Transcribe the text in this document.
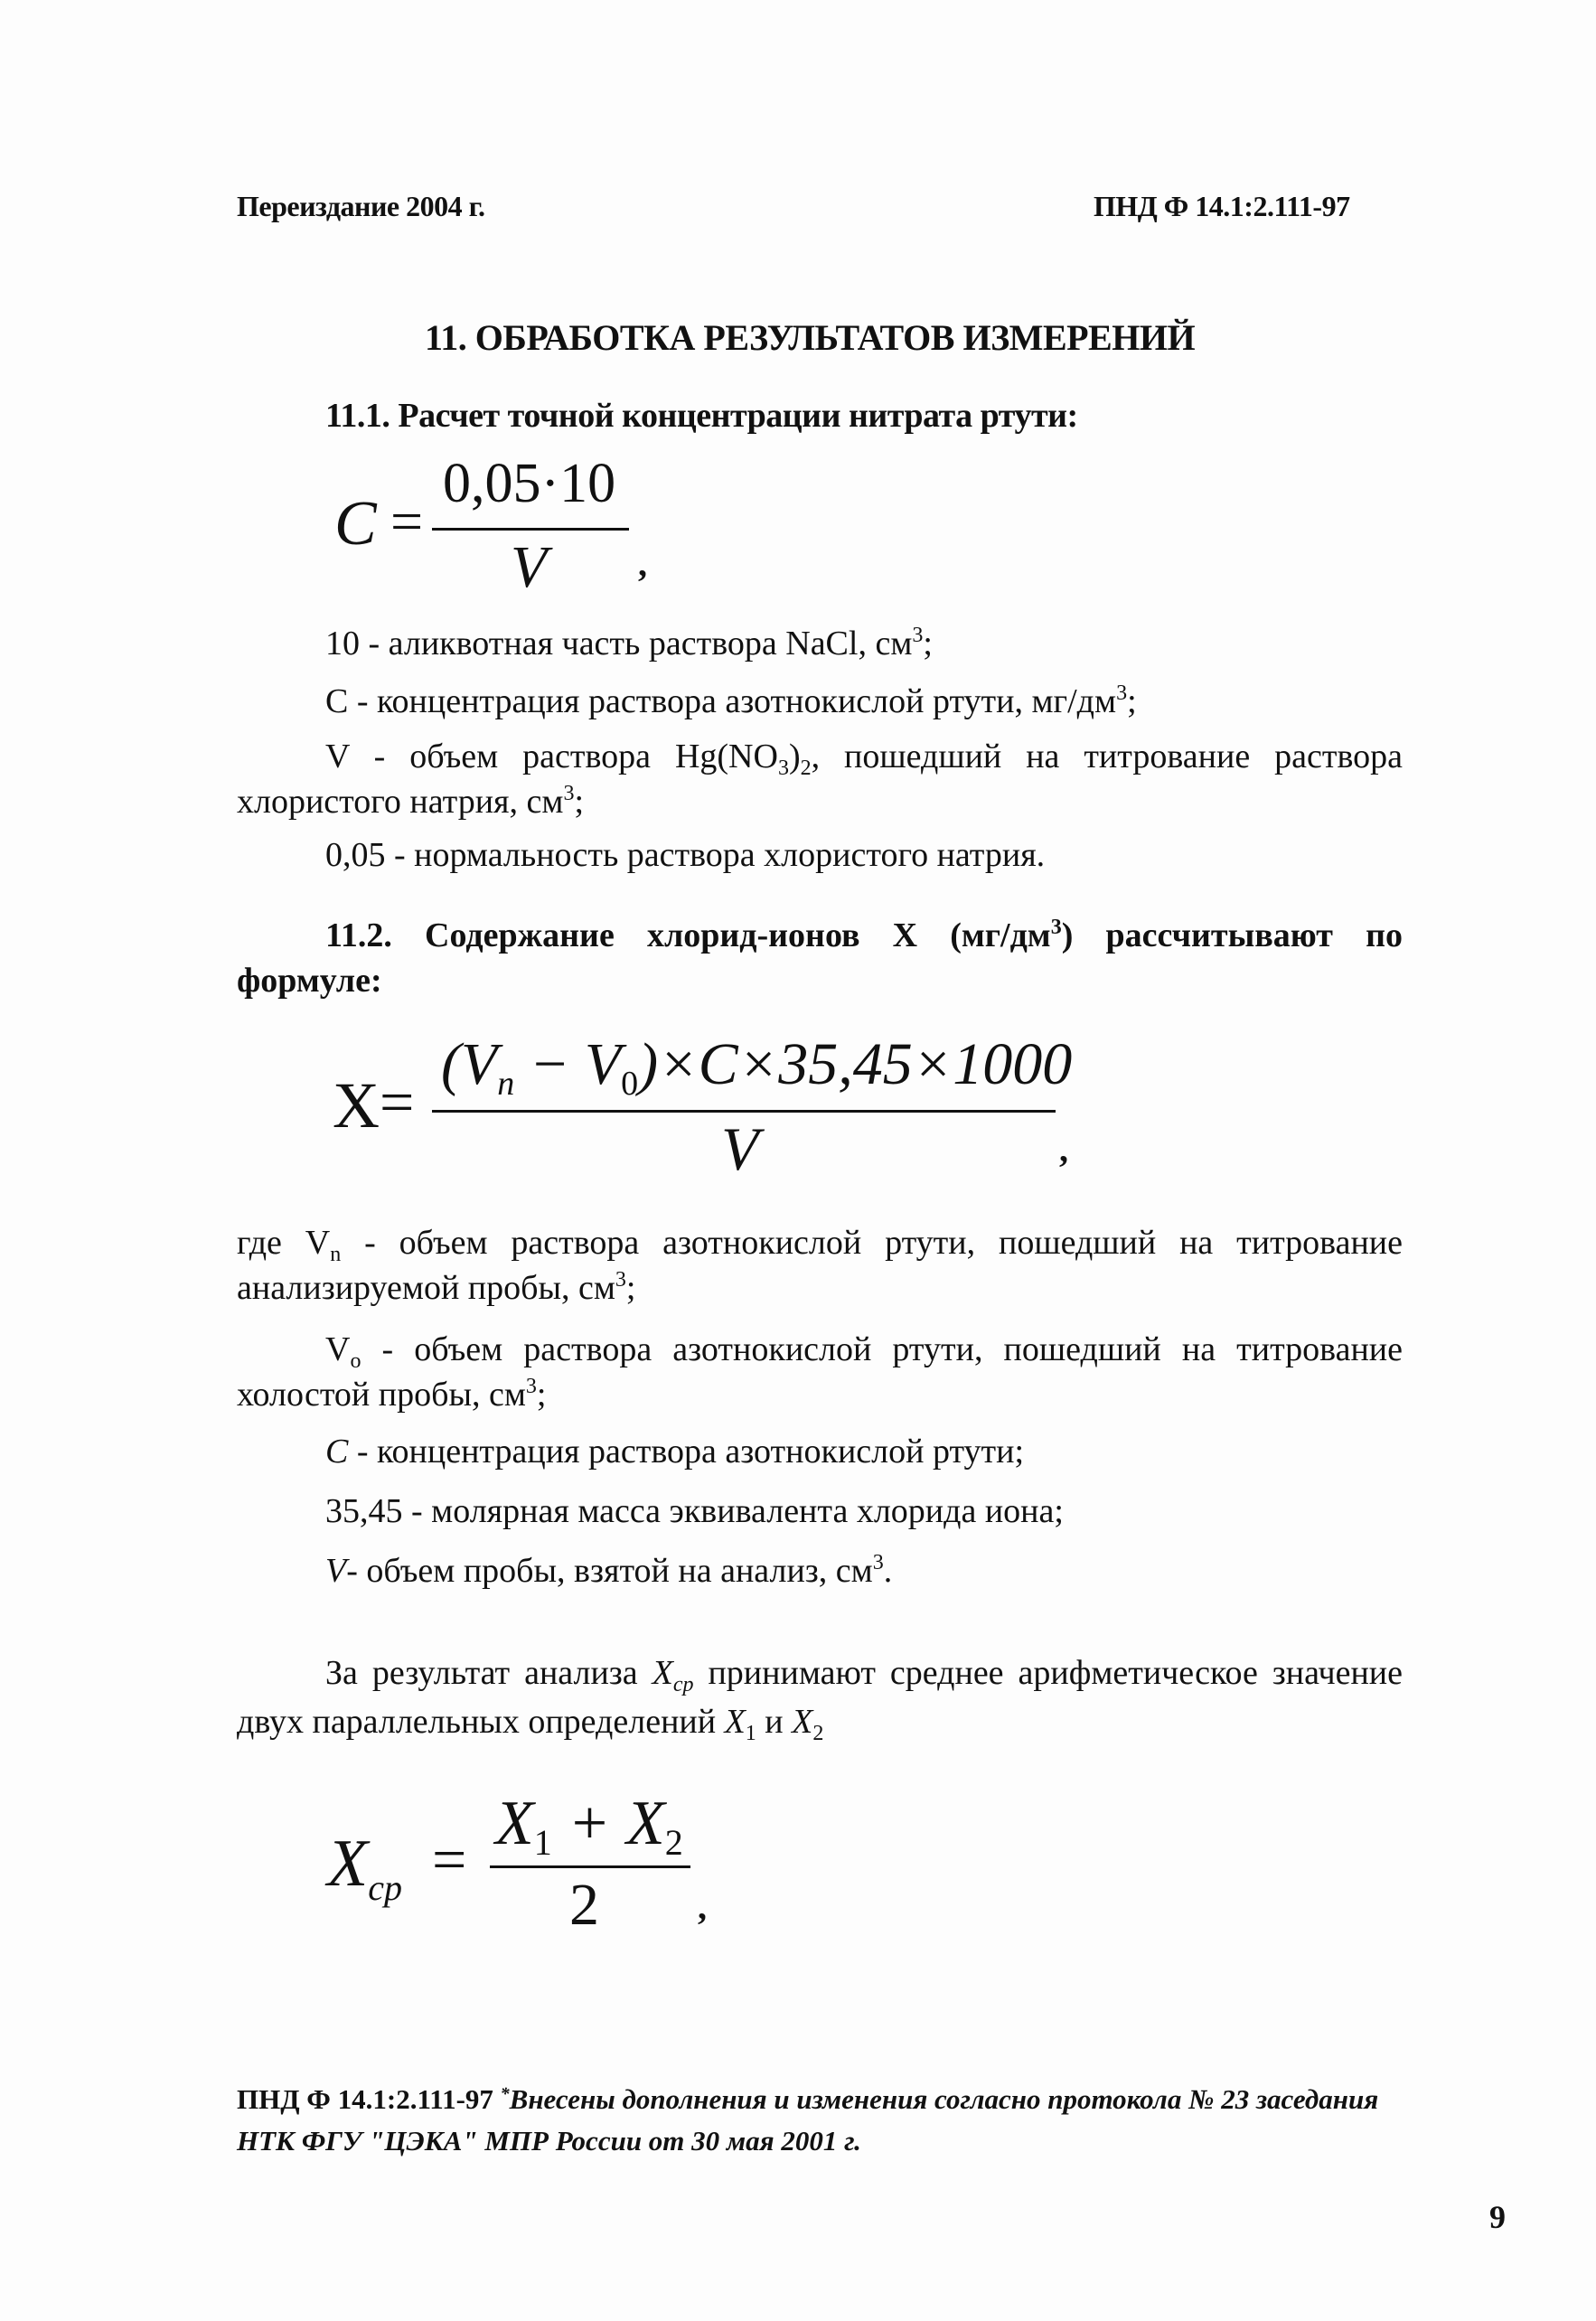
Переиздание 2004 г.	ПНД Ф 14.1:2.111-97
11. ОБРАБОТКА РЕЗУЛЬТАТОВ ИЗМЕРЕНИЙ
11.1. Расчет точной концентрации нитрата ртути:
C =
0,05·10
V	,
10 - аликвотная часть раствора NaCl, $см^3$;
С - концентрация раствора азотнокислой ртути, $мг/дм^3$;
V - объем раствора $Hg(NO_3)_2$, пошедший на титрование раствора хлористого натрия, $см^3$;
0,05 - нормальность раствора хлористого натрия.
11.2. Содержание хлорид-ионов Х $(мг/дм^3)$ рассчитывают по формуле:
X =
$(V_n - V_0)\times C\times 35,45\times 1000$
V	,
где $V_n$ - объем раствора азотнокислой ртути, пошедший на титрование анализируемой пробы, $см^3$;
$V_о$ - объем раствора азотнокислой ртути, пошедший на титрование холостой пробы, $см^3$;
C - концентрация раствора азотнокислой ртути;
35,45 - молярная масса эквивалента хлорида иона;
V- объем пробы, взятой на анализ, $см^3$.
За результат анализа $X_{ср}$ принимают среднее арифметическое значение двух параллельных определений $X_1$ и $X_2$
$X_{cp}$ =
$X_1 + X_2$
2	,
ПНД Ф 14.1:2.111-97 *Внесены дополнения и изменения согласно протокола № 23 заседания НТК ФГУ "ЦЭКА" МПР России от 30 мая 2001 г.
9
